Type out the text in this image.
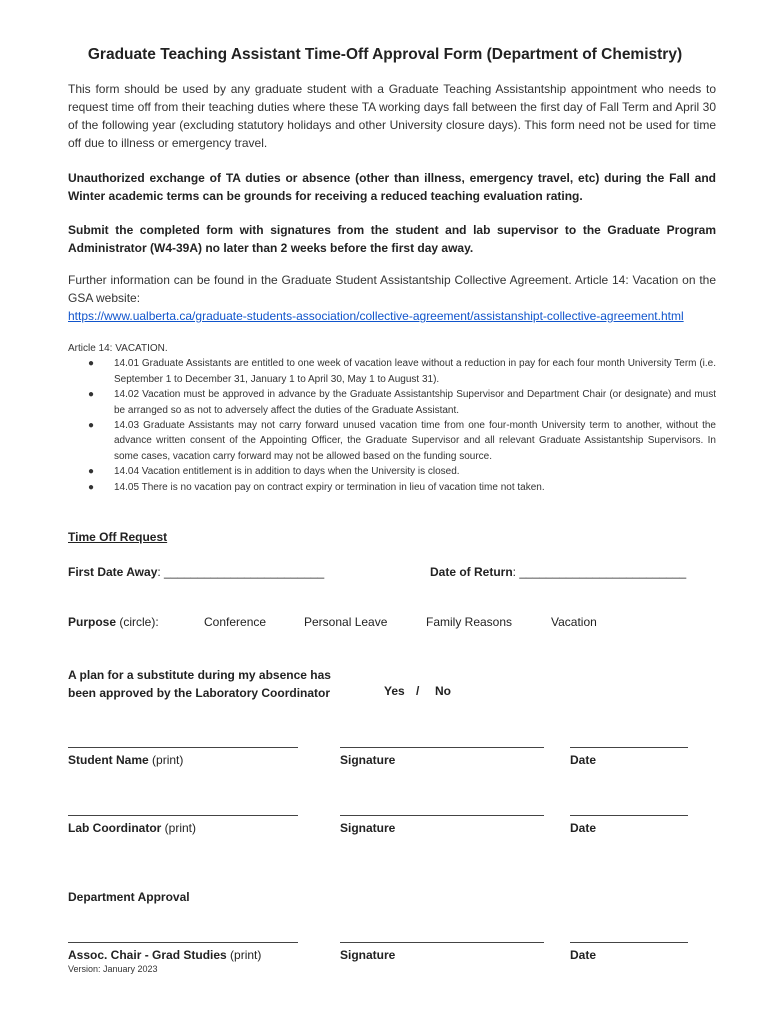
Graduate Teaching Assistant Time-Off Approval Form (Department of Chemistry)
This form should be used by any graduate student with a Graduate Teaching Assistantship appointment who needs to request time off from their teaching duties where these TA working days fall between the first day of Fall Term and April 30 of the following year (excluding statutory holidays and other University closure days). This form need not be used for time off due to illness or emergency travel.
Unauthorized exchange of TA duties or absence (other than illness, emergency travel, etc) during the Fall and Winter academic terms can be grounds for receiving a reduced teaching evaluation rating.
Submit the completed form with signatures from the student and lab supervisor to the Graduate Program Administrator (W4-39A) no later than 2 weeks before the first day away.
Further information can be found in the Graduate Student Assistantship Collective Agreement. Article 14: Vacation on the GSA website:
https://www.ualberta.ca/graduate-students-association/collective-agreement/assistanshipt-collective-agreement.html
Article 14: VACATION.
● 14.01 Graduate Assistants are entitled to one week of vacation leave without a reduction in pay for each four month University Term (i.e. September 1 to December 31, January 1 to April 30, May 1 to August 31).
● 14.02 Vacation must be approved in advance by the Graduate Assistantship Supervisor and Department Chair (or designate) and must be arranged so as not to adversely affect the duties of the Graduate Assistant.
● 14.03 Graduate Assistants may not carry forward unused vacation time from one four-month University term to another, without the advance written consent of the Appointing Officer, the Graduate Supervisor and all relevant Graduate Assistantship Supervisors. In some cases, vacation carry forward may not be allowed based on the funding source.
● 14.04 Vacation entitlement is in addition to days when the University is closed.
● 14.05 There is no vacation pay on contract expiry or termination in lieu of vacation time not taken.
Time Off Request
First Date Away: ________________________	Date of Return: _________________________
Purpose (circle):	Conference	Personal Leave	Family Reasons	Vacation
A plan for a substitute during my absence has
been approved by the Laboratory Coordinator	Yes / No
Student Name (print)	Signature	Date
Lab Coordinator (print)	Signature	Date
Department Approval
Assoc. Chair - Grad Studies (print)	Signature	Date
Version: January 2023
